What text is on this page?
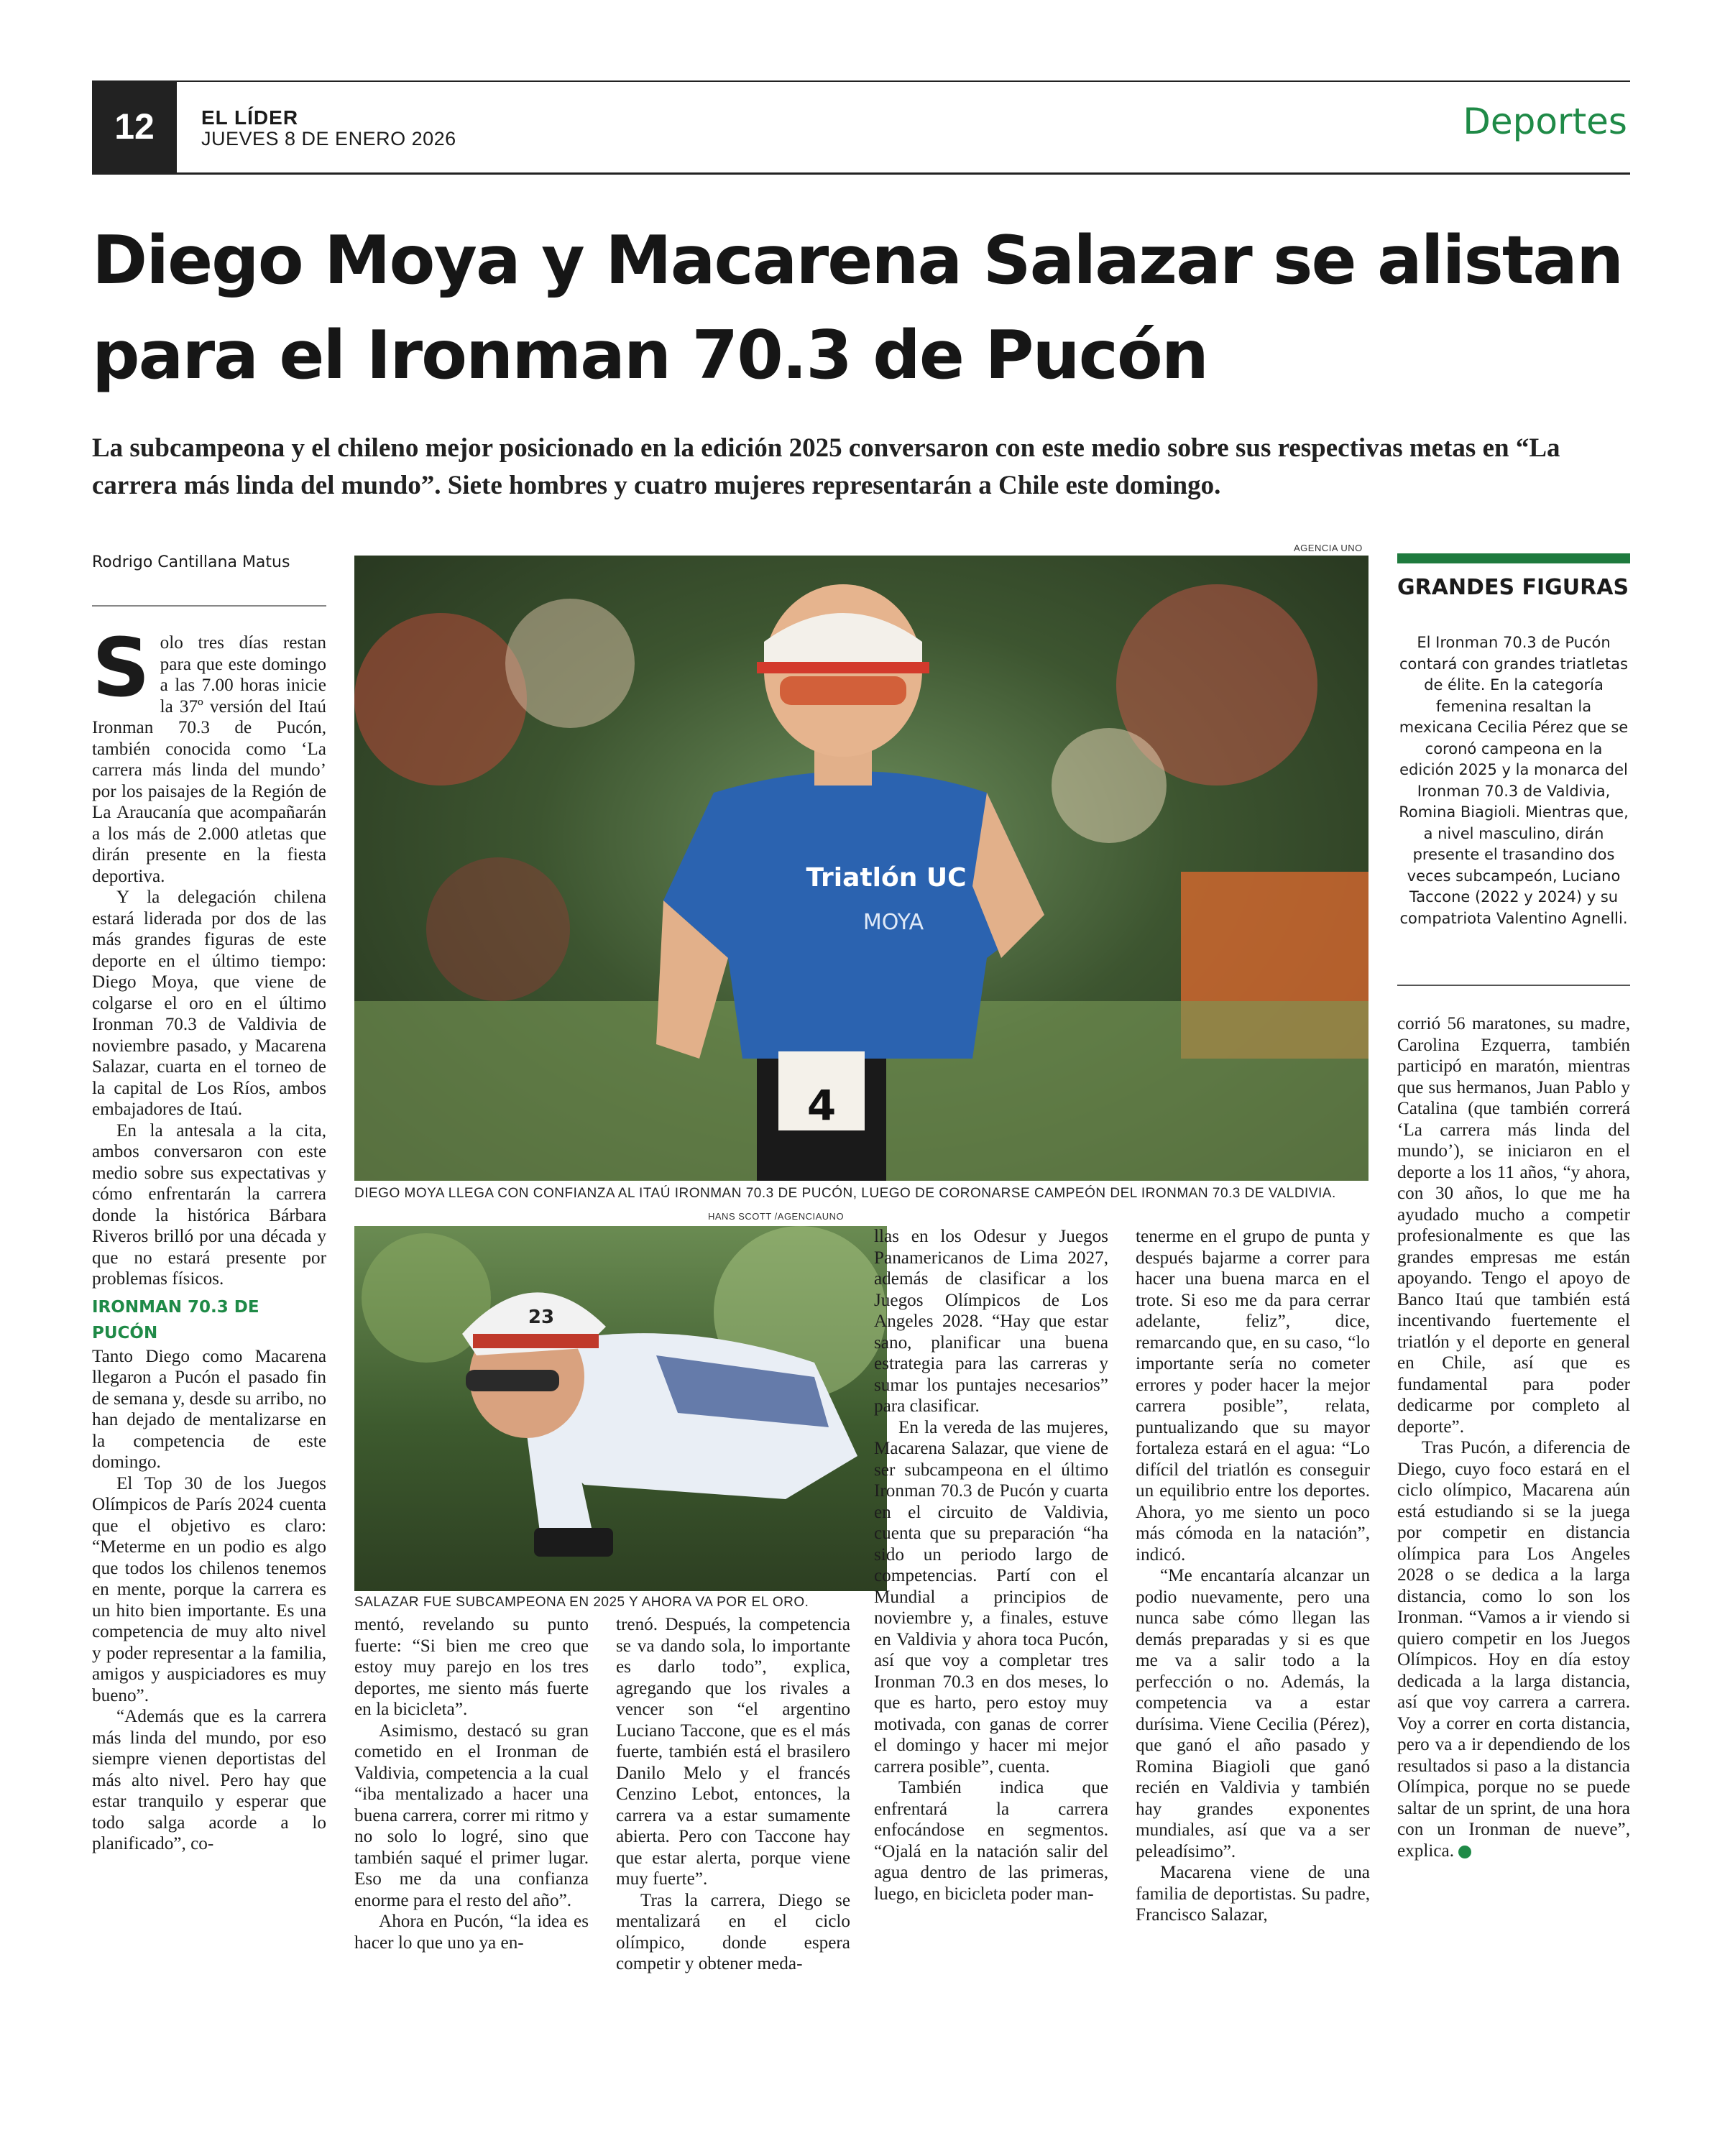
12	EL LÍDER
JUEVES 8 DE ENERO 2026	Deportes
Diego Moya y Macarena Salazar se alistan para el Ironman 70.3 de Pucón
La subcampeona y el chileno mejor posicionado en la edición 2025 conversaron con este medio sobre sus respectivas metas en “La carrera más linda del mundo”. Siete hombres y cuatro mujeres representarán a Chile este domingo.
Rodrigo Cantillana Matus
AGENCIA UNO
4
Triatlón UC
MOYA
DIEGO MOYA LLEGA CON CONFIANZA AL ITAÚ IRONMAN 70.3 DE PUCÓN, LUEGO DE CORONARSE CAMPEÓN DEL IRONMAN 70.3 DE VALDIVIA.
HANS SCOTT /AGENCIAUNO
23
SALAZAR FUE SUBCAMPEONA EN 2025 Y AHORA VA POR EL ORO.

Solo tres días restan para que este domingo a las 7.00 horas inicie la 37º versión del Itaú Ironman 70.3 de Pucón, también conocida como ‘La carrera más linda del mundo’ por los paisajes de la Región de La Araucanía que acompañarán a los más de 2.000 atletas que dirán presente en la fiesta deportiva.

Y la delegación chilena estará liderada por dos de las más grandes figuras de este deporte en el último tiempo: Diego Moya, que viene de colgarse el oro en el último Ironman 70.3 de Valdivia de noviembre pasado, y Macarena Salazar, cuarta en el torneo de la capital de Los Ríos, ambos embajadores de Itaú.

En la antesala a la cita, ambos conversaron con este medio sobre sus expectativas y cómo enfrentarán la carrera donde la histórica Bárbara Riveros brilló por una década y que no estará presente por problemas físicos.

IRONMAN 70.3 DE PUCÓN

Tanto Diego como Macarena llegaron a Pucón el pasado fin de semana y, desde su arribo, no han dejado de mentalizarse en la competencia de este domingo.

El Top 30 de los Juegos Olímpicos de París 2024 cuenta que el objetivo es claro: “Meterme en un podio es algo que todos los chilenos tenemos en mente, porque la carrera es un hito bien importante. Es una competencia de muy alto nivel y poder representar a la familia, amigos y auspiciadores es muy bueno”.

“Además que es la carrera más linda del mundo, por eso siempre vienen deportistas del más alto nivel. Pero hay que estar tranquilo y esperar que todo salga acorde a lo planificado”, co-

mentó, revelando su punto fuerte: “Si bien me creo que estoy muy parejo en los tres deportes, me siento más fuerte en la bicicleta”.

Asimismo, destacó su gran cometido en el Ironman de Valdivia, competencia a la cual “iba mentalizado a hacer una buena carrera, correr mi ritmo y no solo lo logré, sino que también saqué el primer lugar. Eso me da una confianza enorme para el resto del año”.

Ahora en Pucón, “la idea es hacer lo que uno ya en-

trenó. Después, la competencia se va dando sola, lo importante es darlo todo”, explica, agregando que los rivales a vencer son “el argentino Luciano Taccone, que es el más fuerte, también está el brasilero Danilo Melo y el francés Cenzino Lebot, entonces, la carrera va a estar sumamente abierta. Pero con Taccone hay que estar alerta, porque viene muy fuerte”.

Tras la carrera, Diego se mentalizará en el ciclo olímpico, donde espera competir y obtener meda-

llas en los Odesur y Juegos Panamericanos de Lima 2027, además de clasificar a los Juegos Olímpicos de Los Angeles 2028. “Hay que estar sano, planificar una buena estrategia para las carreras y sumar los puntajes necesarios” para clasificar.

En la vereda de las mujeres, Macarena Salazar, que viene de ser subcampeona en el último Ironman 70.3 de Pucón y cuarta en el circuito de Valdivia, cuenta que su preparación “ha sido un periodo largo de competencias. Partí con el Mundial a principios de noviembre y, a finales, estuve en Valdivia y ahora toca Pucón, así que voy a completar tres Ironman 70.3 en dos meses, lo que es harto, pero estoy muy motivada, con ganas de correr el domingo y hacer mi mejor carrera posible”, cuenta.

También indica que enfrentará la carrera enfocándose en segmentos. “Ojalá en la natación salir del agua dentro de las primeras, luego, en bicicleta poder man-

tenerme en el grupo de punta y después bajarme a correr para hacer una buena marca en el trote. Si eso me da para cerrar adelante, feliz”, dice, remarcando que, en su caso, “lo importante sería no cometer errores y poder hacer la mejor carrera posible”, relata, puntualizando que su mayor fortaleza estará en el agua: “Lo difícil del triatlón es conseguir un equilibrio entre los deportes. Ahora, yo me siento un poco más cómoda en la natación”, indicó.

“Me encantaría alcanzar un podio nuevamente, pero una nunca sabe cómo llegan las demás preparadas y si es que me va a salir todo a la perfección o no. Además, la competencia va a estar durísima. Viene Cecilia (Pérez), que ganó el año pasado y Romina Biagioli que ganó recién en Valdivia y también hay grandes exponentes mundiales, así que va a ser peleadísimo”.

Macarena viene de una familia de deportistas. Su padre, Francisco Salazar,

GRANDES FIGURAS
El Ironman 70.3 de Pucón contará con grandes triatletas de élite. En la categoría femenina resaltan la mexicana Cecilia Pérez que se coronó campeona en la edición 2025 y la monarca del Ironman 70.3 de Valdivia, Romina Biagioli. Mientras que, a nivel masculino, dirán presente el trasandino dos veces subcampeón, Luciano Taccone (2022 y 2024) y su compatriota Valentino Agnelli.

corrió 56 maratones, su madre, Carolina Ezquerra, también participó en maratón, mientras que sus hermanos, Juan Pablo y Catalina (que también correrá ‘La carrera más linda del mundo’), se iniciaron en el deporte a los 11 años, “y ahora, con 30 años, lo que me ha ayudado mucho a competir profesionalmente es que las grandes empresas me están apoyando. Tengo el apoyo de Banco Itaú que también está incentivando fuertemente el triatlón y el deporte en general en Chile, así que es fundamental para poder dedicarme por completo al deporte”.

Tras Pucón, a diferencia de Diego, cuyo foco estará en el ciclo olímpico, Macarena aún está estudiando si se la juega por competir en distancia olímpica para Los Angeles 2028 o se dedica a la larga distancia, como lo son los Ironman. “Vamos a ir viendo si quiero competir en los Juegos Olímpicos. Hoy en día estoy dedicada a la larga distancia, así que voy carrera a carrera. Voy a correr en corta distancia, pero va a ir dependiendo de los resultados si paso a la distancia Olímpica, porque no se puede saltar de un sprint, de una hora con un Ironman de nueve”, explica.
